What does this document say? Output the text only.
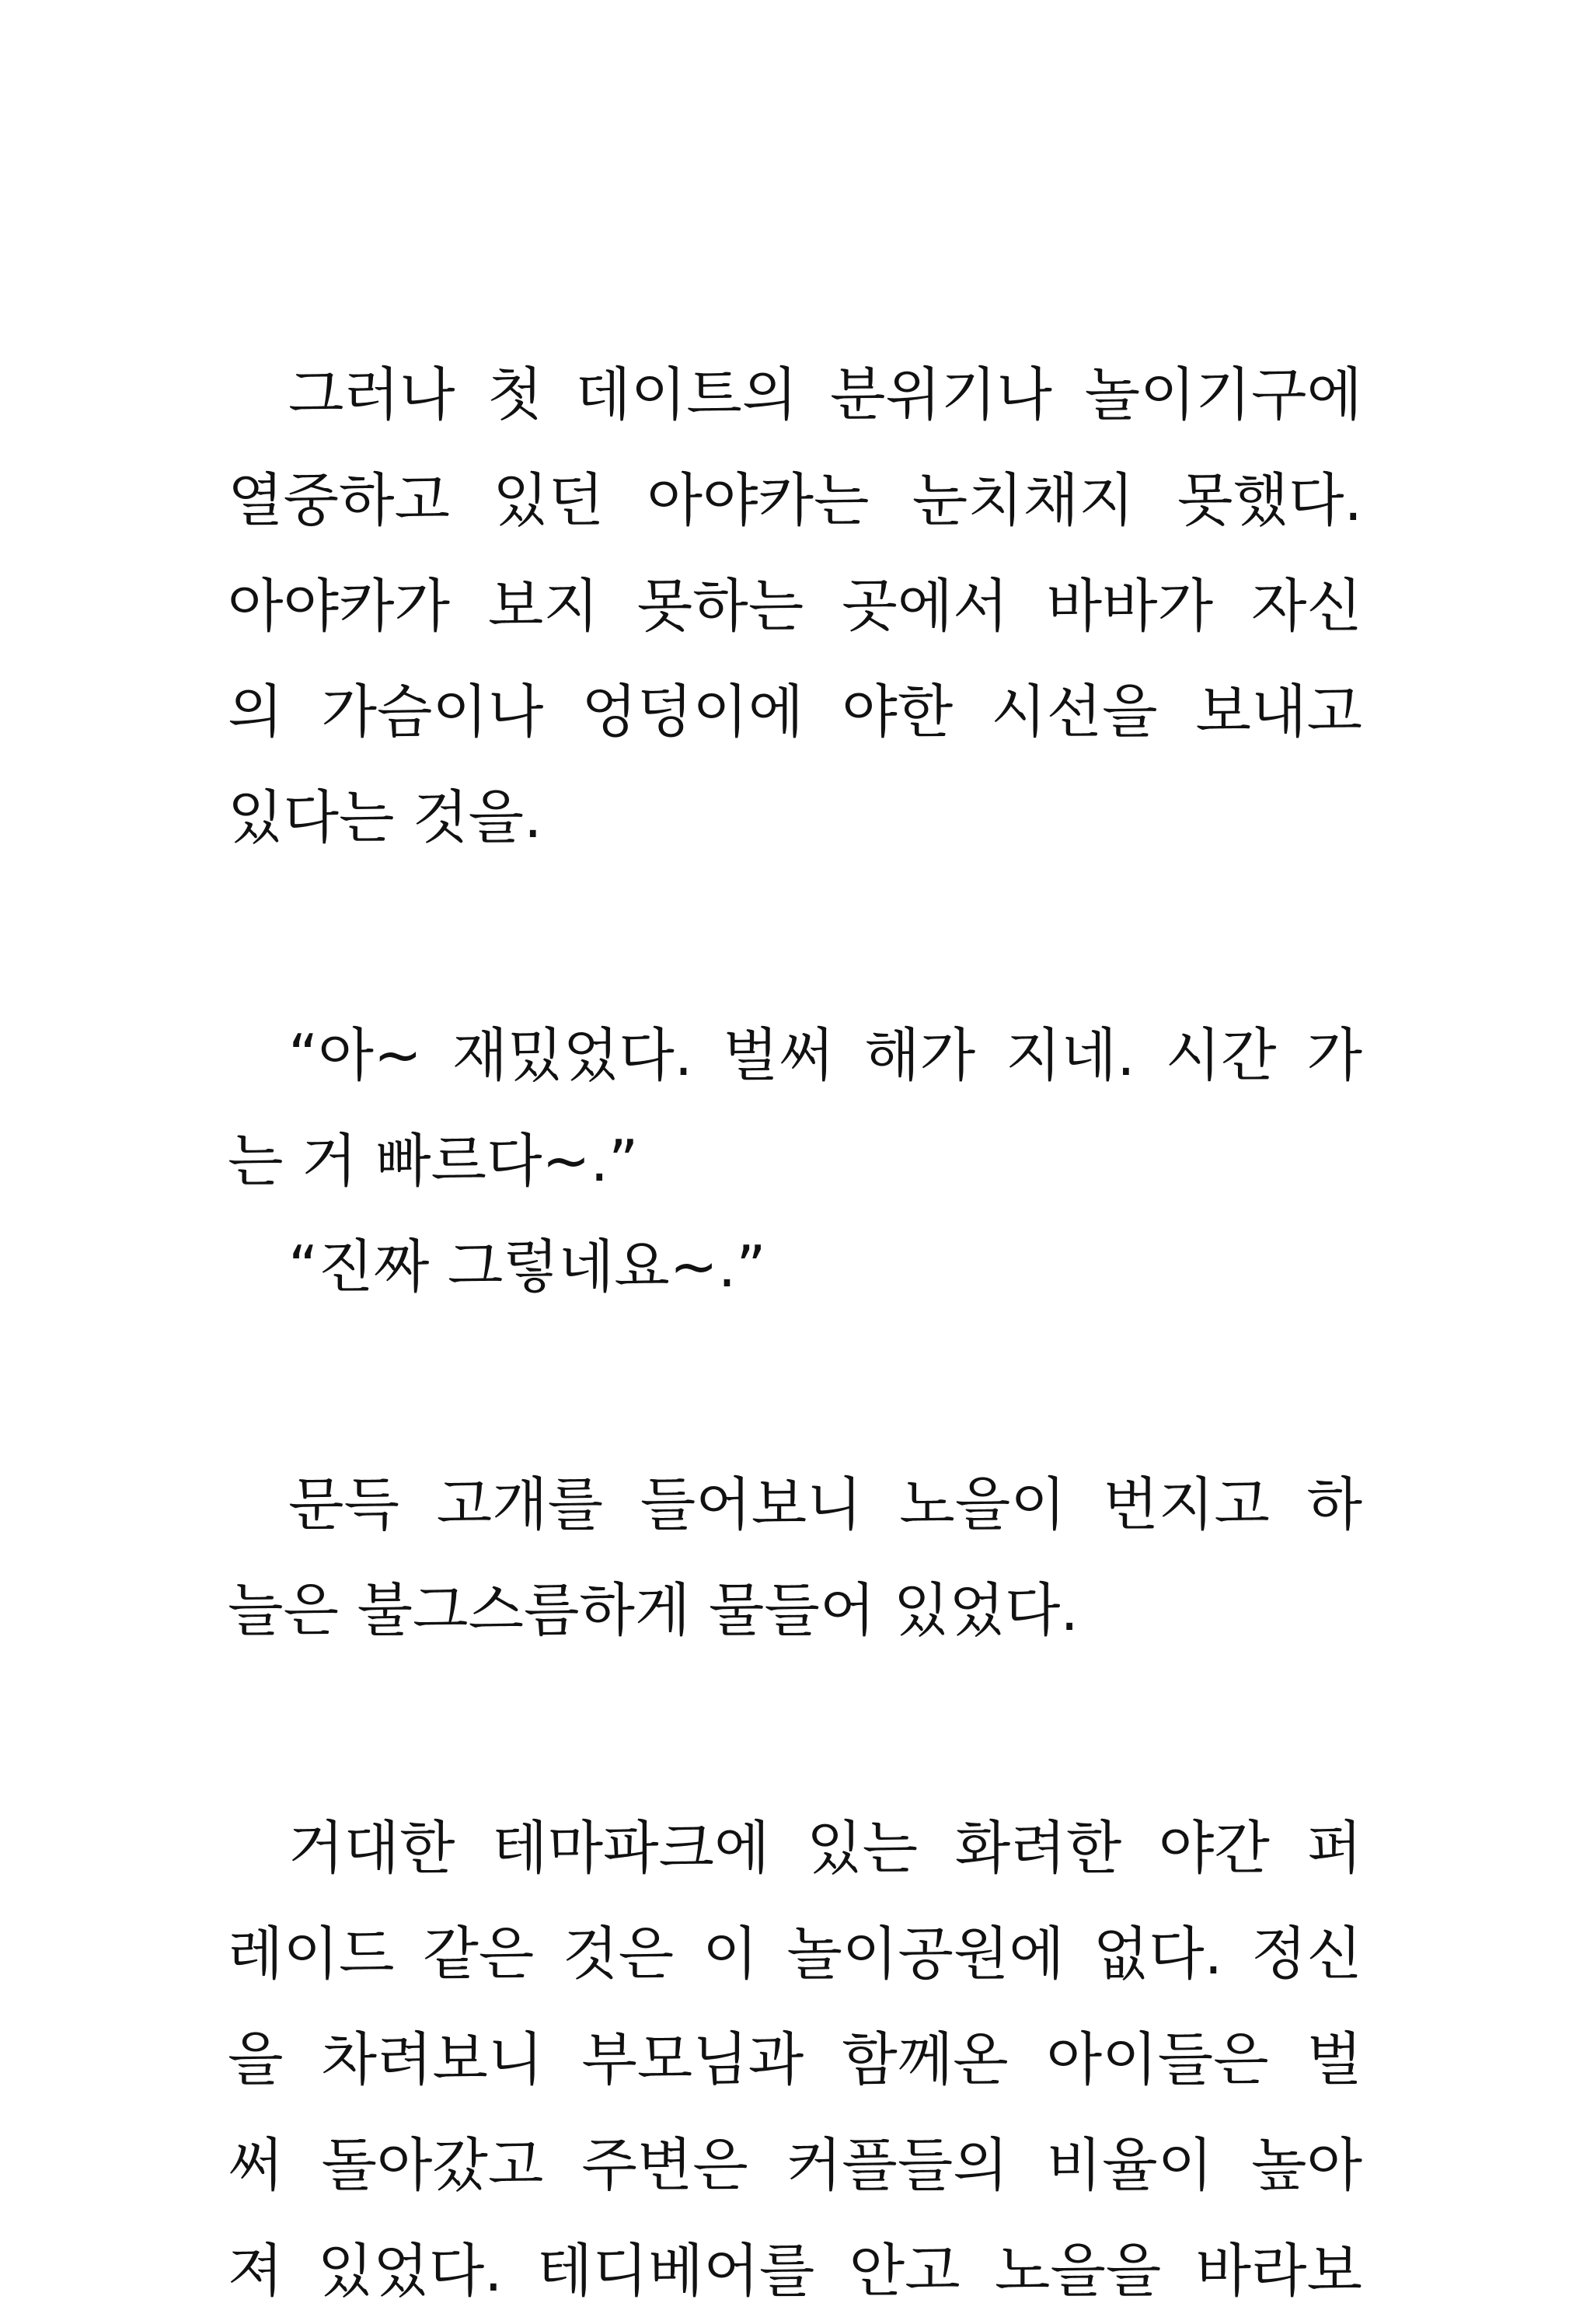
그러나 첫 데이트의 분위기나 놀이기구에
열중하고 있던 아야카는 눈치채지 못했다.
아야카가 보지 못하는 곳에서 바바가 자신
의 가슴이나 엉덩이에 야한 시선을 보내고
있다는 것을.
“아~ 재밌었다. 벌써 해가 지네. 시간 가
는 거 빠르다~.”
“진짜 그렇네요~.”
문득 고개를 들어보니 노을이 번지고 하
늘은 불그스름하게 물들어 있었다.
거대한 테마파크에 있는 화려한 야간 퍼
레이드 같은 것은 이 놀이공원에 없다. 정신
을 차려보니 부모님과 함께온 아이들은 벌
써 돌아갔고 주변은 커플들의 비율이 높아
져 있었다. 테디베어를 안고 노을을 바라보
